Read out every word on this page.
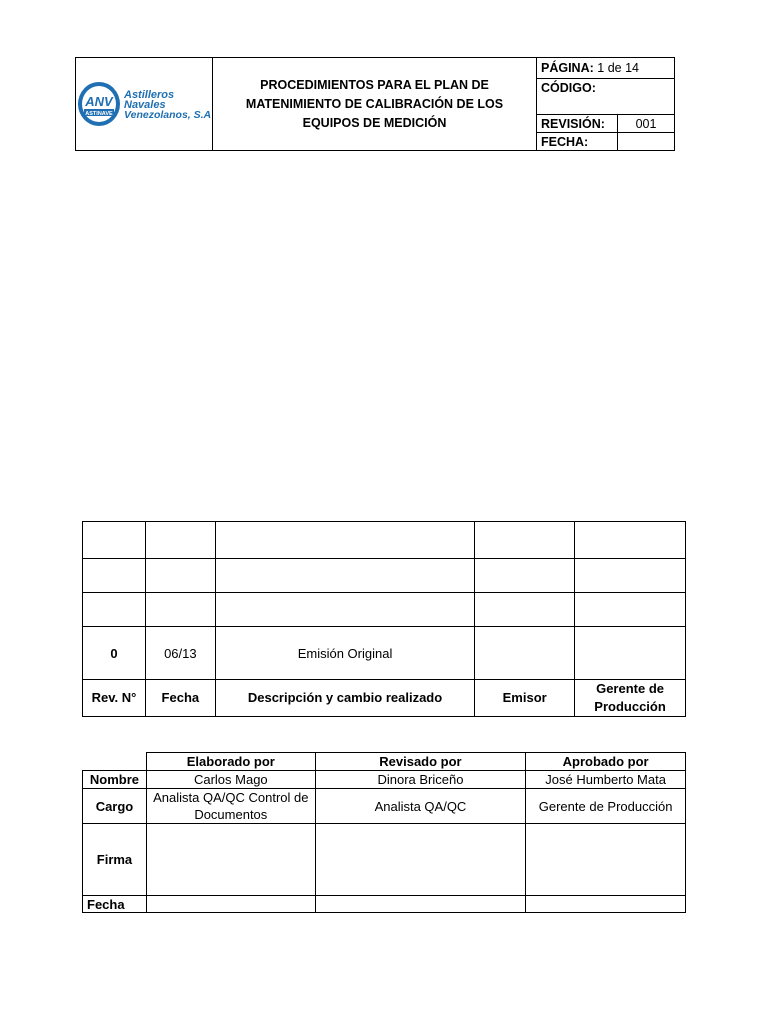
ANV
ASTINAVE
Astilleros
Navales
Venezolanos, S.A	PROCEDIMIENTOS PARA EL PLAN DE MATENIMIENTO DE CALIBRACIÓN DE LOS EQUIPOS DE MEDICIÓN	PÁGINA: 1 de 14	
		CÓDIGO:	
		REVISIÓN:	001
		FECHA:	

0	06/13	Emisión Original		
Rev. N°	Fecha	Descripción y cambio realizado	Emisor	Gerente de Producción
	Elaborado por	Revisado por	Aprobado por
Nombre	Carlos Mago	Dinora Briceño	José Humberto Mata
Cargo	Analista QA/QC Control de Documentos	Analista QA/QC	Gerente de Producción
Firma			
Fecha			
